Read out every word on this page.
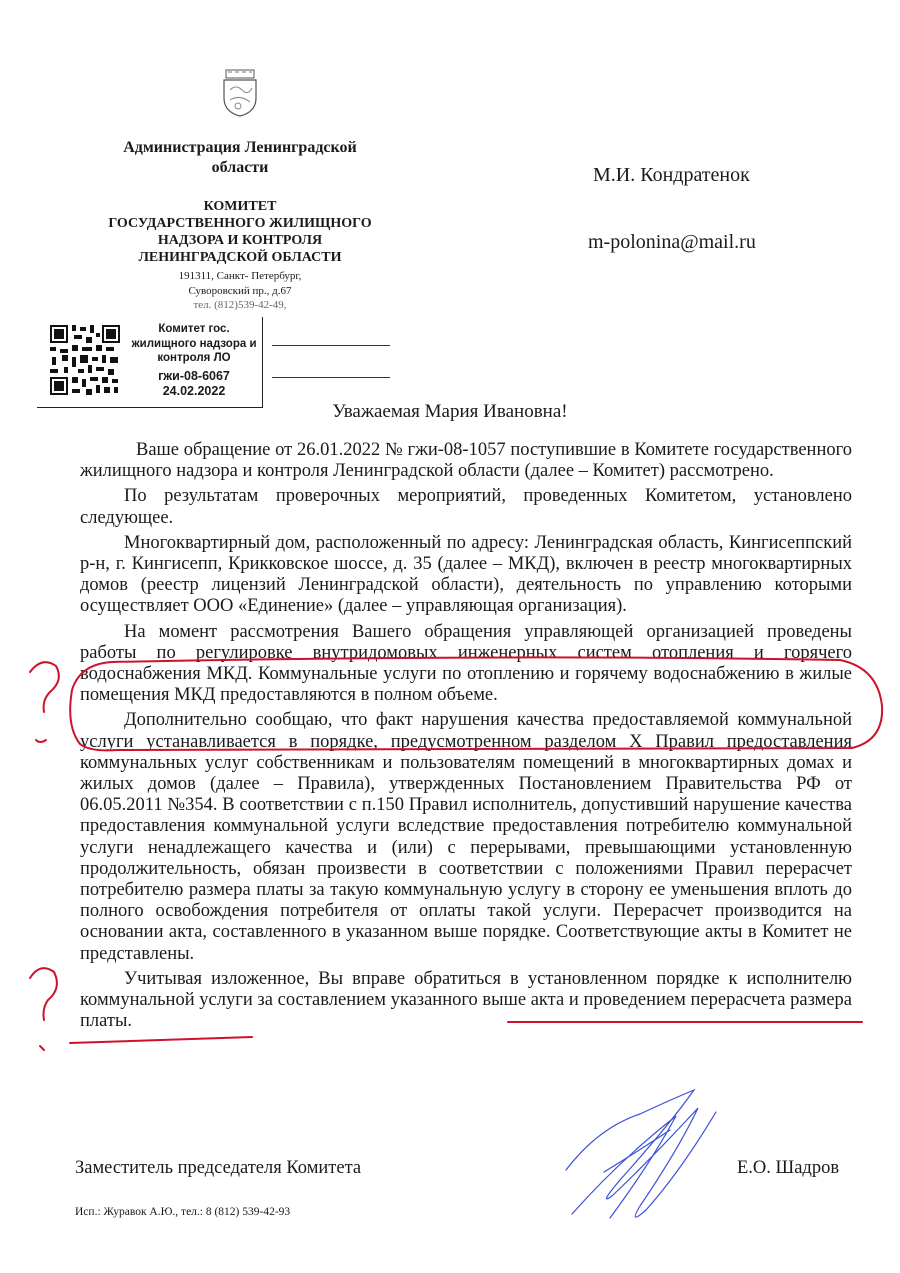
Администрация Ленинградской
области
КОМИТЕТ
ГОСУДАРСТВЕННОГО ЖИЛИЩНОГО
НАДЗОРА И КОНТРОЛЯ
ЛЕНИНГРАДСКОЙ ОБЛАСТИ
191311, Санкт- Петербург,
Суворовский пр., д.67
тел. (812)539-42-49,
М.И. Кондратенок
m-polonina@mail.ru
Комитет гос.
жилищного надзора и
контроля ЛО
гжи-08-6067
24.02.2022
Уважаемая Мария Ивановна!

Ваше обращение от 26.01.2022 № гжи-08-1057 поступившие в Комитете государственного жилищного надзора и контроля Ленинградской области (далее – Комитет) рассмотрено.

По результатам проверочных мероприятий, проведенных Комитетом, установлено следующее.

Многоквартирный дом, расположенный по адресу: Ленинградская область, Кингисеппский р-н, г. Кингисепп, Крикковское шоссе, д. 35 (далее – МКД), включен в реестр многоквартирных домов (реестр лицензий Ленинградской области), деятельность по управлению которыми осуществляет ООО «Единение» (далее – управляющая организация).

На момент рассмотрения Вашего обращения управляющей организацией проведены работы по регулировке внутридомовых инженерных систем отопления и горячего водоснабжения МКД. Коммунальные услуги по отоплению и горячему водоснабжению в жилые помещения МКД предоставляются в полном объеме.

Дополнительно сообщаю, что факт нарушения качества предоставляемой коммунальной услуги устанавливается в порядке, предусмотренном разделом X Правил предоставления коммунальных услуг собственникам и пользователям помещений в многоквартирных домах и жилых домов (далее – Правила), утвержденных Постановлением Правительства РФ от 06.05.2011 №354. В соответствии с п.150 Правил исполнитель, допустивший нарушение качества предоставления коммунальной услуги вследствие предоставления потребителю коммунальной услуги ненадлежащего качества и (или) с перерывами, превышающими установленную продолжительность, обязан произвести в соответствии с положениями Правил перерасчет потребителю размера платы за такую коммунальную услугу в сторону ее уменьшения вплоть до полного освобождения потребителя от оплаты такой услуги. Перерасчет производится на основании акта, составленного в указанном выше порядке. Соответствующие акты в Комитет не представлены.

Учитывая изложенное, Вы вправе обратиться в установленном порядке к исполнителю коммунальной услуги за составлением указанного выше акта и проведением перерасчета размера платы.

Заместитель председателя Комитета	Е.О. Шадров
Исп.: Журавок А.Ю., тел.: 8 (812) 539-42-93
